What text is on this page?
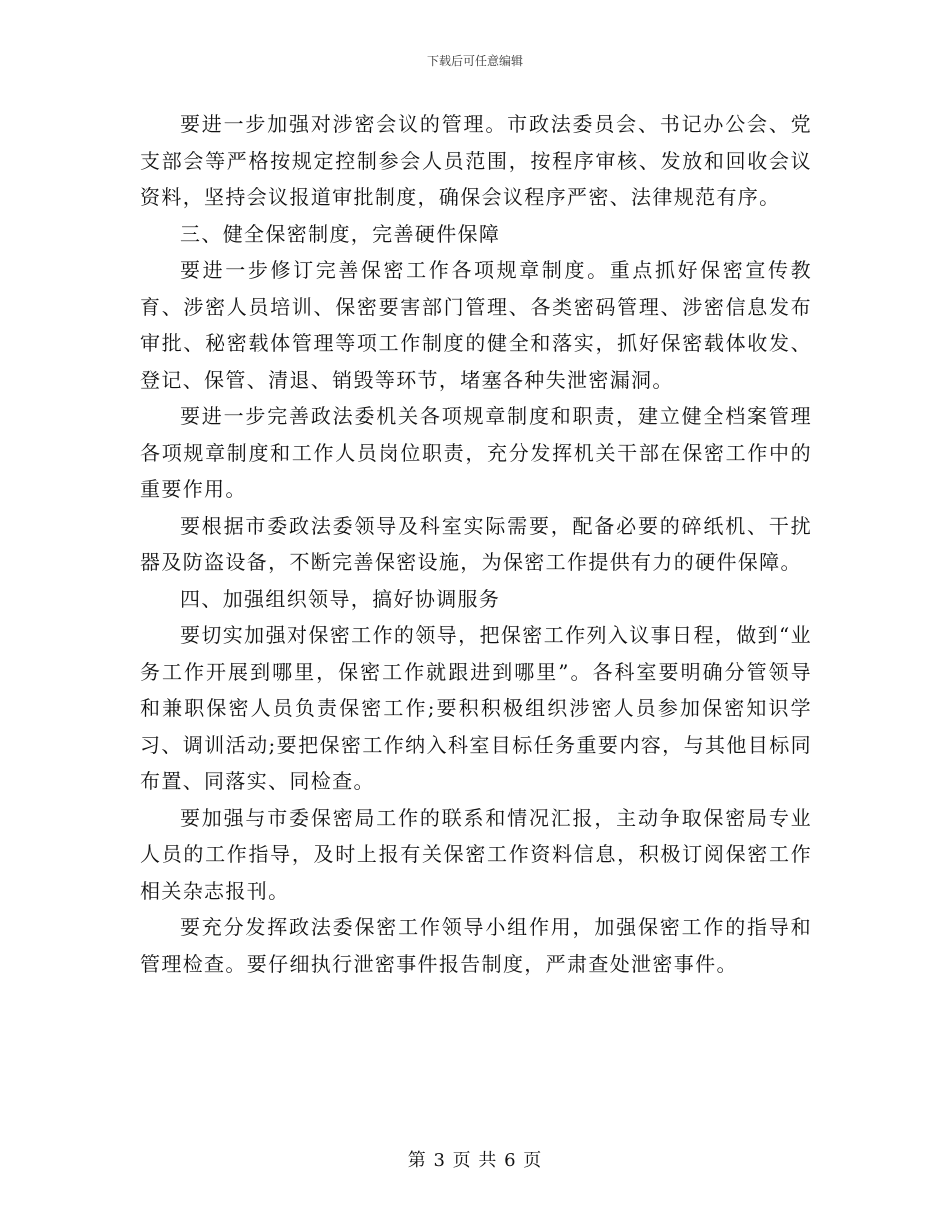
下载后可任意编辑

要进一步加强对涉密会议的管理。市政法委员会、书记办公会、党支部会等严格按规定控制参会人员范围，按程序审核、发放和回收会议资料，坚持会议报道审批制度，确保会议程序严密、法律规范有序。

三、健全保密制度，完善硬件保障

要进一步修订完善保密工作各项规章制度。重点抓好保密宣传教育、涉密人员培训、保密要害部门管理、各类密码管理、涉密信息发布审批、秘密载体管理等项工作制度的健全和落实，抓好保密载体收发、登记、保管、清退、销毁等环节，堵塞各种失泄密漏洞。

要进一步完善政法委机关各项规章制度和职责，建立健全档案管理各项规章制度和工作人员岗位职责，充分发挥机关干部在保密工作中的重要作用。

要根据市委政法委领导及科室实际需要，配备必要的碎纸机、干扰器及防盗设备，不断完善保密设施，为保密工作提供有力的硬件保障。

四、加强组织领导，搞好协调服务

要切实加强对保密工作的领导，把保密工作列入议事日程，做到“业务工作开展到哪里，保密工作就跟进到哪里”。各科室要明确分管领导和兼职保密人员负责保密工作;要积积极组织涉密人员参加保密知识学习、调训活动;要把保密工作纳入科室目标任务重要内容，与其他目标同布置、同落实、同检查。

要加强与市委保密局工作的联系和情况汇报，主动争取保密局专业人员的工作指导，及时上报有关保密工作资料信息，积极订阅保密工作相关杂志报刊。

要充分发挥政法委保密工作领导小组作用，加强保密工作的指导和管理检查。要仔细执行泄密事件报告制度，严肃查处泄密事件。

第 3 页 共 6 页
